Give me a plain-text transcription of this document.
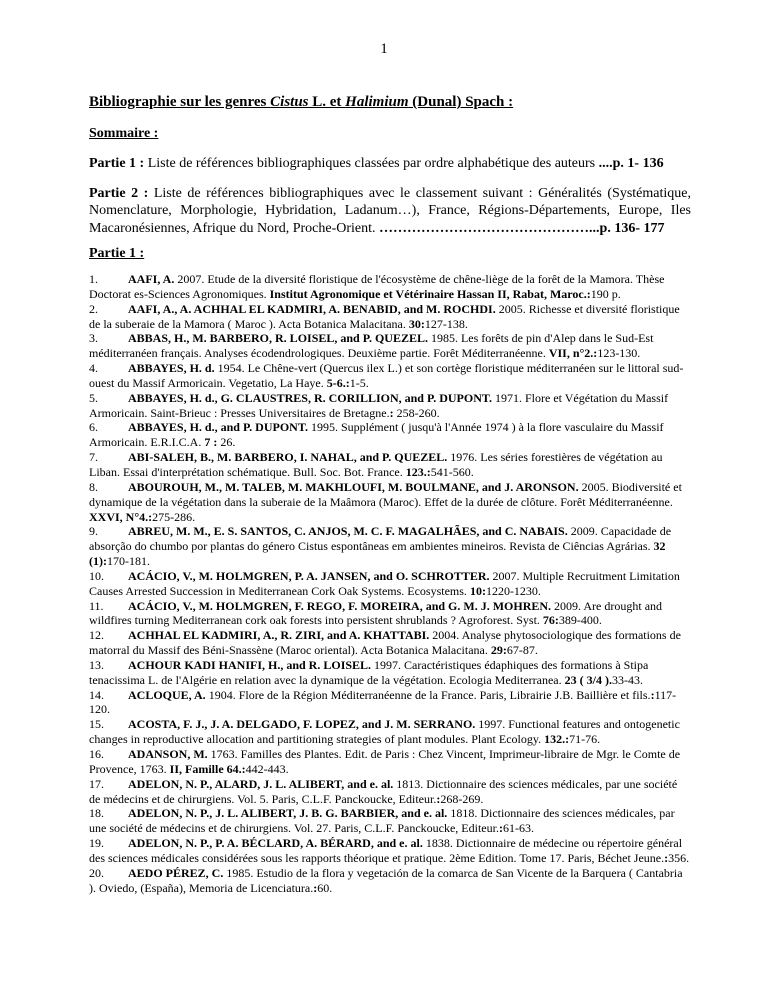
1
Bibliographie sur les genres Cistus L. et Halimium (Dunal) Spach :
Sommaire :

Partie 1 : Liste de références bibliographiques classées par ordre alphabétique des auteurs ....p. 1- 136

Partie 2 : Liste de références bibliographiques avec le classement suivant : Généralités (Systématique, Nomenclature, Morphologie, Hybridation, Ladanum…), France, Régions-Départements, Europe, Iles Macaronésiennes, Afrique du Nord, Proche-Orient. ………………………………………...p. 136- 177

Partie 1 :
1.	AAFI, A. 2007. Etude de la diversité floristique de l'écosystème de chêne-liège de la forêt de la Mamora. Thèse Doctorat es-Sciences Agronomiques. Institut Agronomique et Vétérinaire Hassan II, Rabat, Maroc.:190 p.
2.	AAFI, A., A. ACHHAL EL KADMIRI, A. BENABID, and M. ROCHDI. 2005. Richesse et diversité floristique de la suberaie de la Mamora ( Maroc ). Acta Botanica Malacitana. 30:127-138.
3.	ABBAS, H., M. BARBERO, R. LOISEL, and P. QUEZEL. 1985. Les forêts de pin d'Alep dans le Sud-Est méditerranéen français. Analyses écodendrologiques. Deuxième partie. Forêt Méditerranéenne. VII, n°2.:123-130.
4.	ABBAYES, H. d. 1954. Le Chêne-vert (Quercus ilex L.) et son cortège floristique méditerranéen sur le littoral sud-ouest du Massif Armoricain. Vegetatio, La Haye. 5-6.:1-5.
5.	ABBAYES, H. d., G. CLAUSTRES, R. CORILLION, and P. DUPONT. 1971. Flore et Végétation du Massif Armoricain. Saint-Brieuc : Presses Universitaires de Bretagne.: 258-260.
6.	ABBAYES, H. d., and P. DUPONT. 1995. Supplément ( jusqu'à l'Année 1974 ) à la flore vasculaire du Massif Armoricain. E.R.I.C.A. 7 : 26.
7.	ABI-SALEH, B., M. BARBERO, I. NAHAL, and P. QUEZEL. 1976. Les séries forestières de végétation au Liban. Essai d'interprétation schématique. Bull. Soc. Bot. France. 123.:541-560.
8.	ABOUROUH, M., M. TALEB, M. MAKHLOUFI, M. BOULMANE, and J. ARONSON. 2005. Biodiversité et dynamique de la végétation dans la suberaie de la Maâmora (Maroc). Effet de la durée de clôture. Forêt Méditerranéenne. XXVI, N°4.:275-286.
9.	ABREU, M. M., E. S. SANTOS, C. ANJOS, M. C. F. MAGALHÃES, and C. NABAIS. 2009. Capacidade de absorção do chumbo por plantas do género Cistus espontâneas em ambientes mineiros. Revista de Ciências Agrárias. 32 (1):170-181.
10. ACÁCIO, V., M. HOLMGREN, P. A. JANSEN, and O. SCHROTTER. 2007. Multiple Recruitment Limitation Causes Arrested Succession in Mediterranean Cork Oak Systems. Ecosystems. 10:1220-1230.
11. ACÁCIO, V., M. HOLMGREN, F. REGO, F. MOREIRA, and G. M. J. MOHREN. 2009. Are drought and wildfires turning Mediterranean cork oak forests into persistent shrublands ? Agroforest. Syst. 76:389-400.
12. ACHHAL EL KADMIRI, A., R. ZIRI, and A. KHATTABI. 2004. Analyse phytosociologique des formations de matorral du Massif des Béni-Snassène (Maroc oriental). Acta Botanica Malacitana. 29:67-87.
13. ACHOUR KADI HANIFI, H., and R. LOISEL. 1997. Caractéristiques édaphiques des formations à Stipa tenacissima L. de l'Algérie en relation avec la dynamique de la végétation. Ecologia Mediterranea. 23 ( 3/4 ).33-43.
14. ACLOQUE, A. 1904. Flore de la Région Méditerranéenne de la France. Paris, Librairie J.B. Baillière et fils.:117-120.
15. ACOSTA, F. J., J. A. DELGADO, F. LOPEZ, and J. M. SERRANO. 1997. Functional features and ontogenetic changes in reproductive allocation and partitioning strategies of plant modules. Plant Ecology. 132.:71-76.
16. ADANSON, M. 1763. Familles des Plantes. Edit. de Paris : Chez Vincent, Imprimeur-libraire de Mgr. le Comte de Provence, 1763. II, Famille 64.:442-443.
17. ADELON, N. P., ALARD, J. L. ALIBERT, and e. al. 1813. Dictionnaire des sciences médicales, par une société de médecins et de chirurgiens. Vol. 5. Paris, C.L.F. Panckoucke, Editeur.:268-269.
18. ADELON, N. P., J. L. ALIBERT, J. B. G. BARBIER, and e. al. 1818. Dictionnaire des sciences médicales, par une société de médecins et de chirurgiens. Vol. 27. Paris, C.L.F. Panckoucke, Editeur.:61-63.
19. ADELON, N. P., P. A. BÉCLARD, A. BÉRARD, and e. al. 1838. Dictionnaire de médecine ou répertoire général des sciences médicales considérées sous les rapports théorique et pratique. 2ème Edition. Tome 17. Paris, Béchet Jeune.:356.
20. AEDO PÉREZ, C. 1985. Estudio de la flora y vegetación de la comarca de San Vicente de la Barquera ( Cantabria ). Oviedo, (España), Memoria de Licenciatura.:60.
